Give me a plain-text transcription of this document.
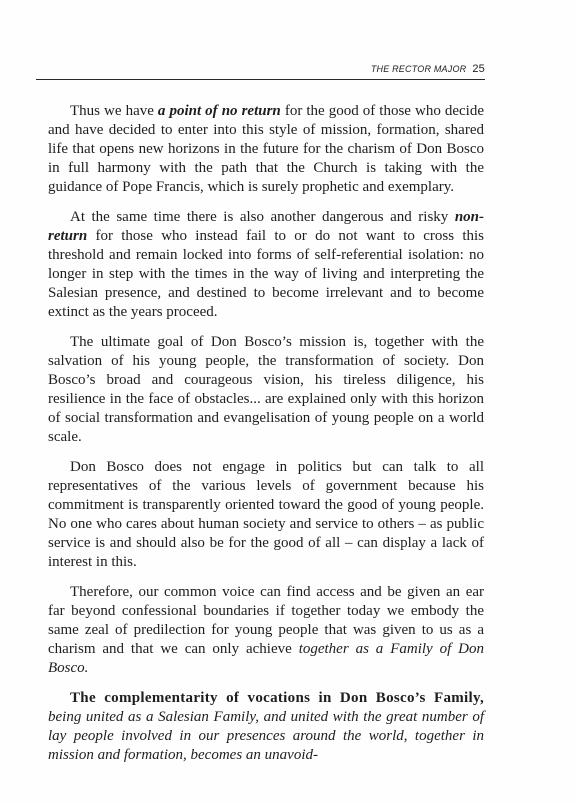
THE RECTOR MAJOR 25

Thus we have a point of no return for the good of those who decide and have decided to enter into this style of mission, formation, shared life that opens new horizons in the future for the charism of Don Bosco in full harmony with the path that the Church is taking with the guidance of Pope Francis, which is surely prophetic and exemplary.

At the same time there is also another dangerous and risky non-return for those who instead fail to or do not want to cross this threshold and remain locked into forms of self-referential isolation: no longer in step with the times in the way of living and interpreting the Salesian presence, and destined to become irrelevant and to become extinct as the years proceed.

The ultimate goal of Don Bosco’s mission is, together with the salvation of his young people, the transformation of society. Don Bosco’s broad and courageous vision, his tireless diligence, his resilience in the face of obstacles... are explained only with this horizon of social transformation and evangelisation of young people on a world scale.

Don Bosco does not engage in politics but can talk to all representatives of the various levels of government because his commitment is transparently oriented toward the good of young people. No one who cares about human society and service to others – as public service is and should also be for the good of all – can display a lack of interest in this.

Therefore, our common voice can find access and be given an ear far beyond confessional boundaries if together today we embody the same zeal of predilection for young people that was given to us as a charism and that we can only achieve together as a Family of Don Bosco.

The complementarity of vocations in Don Bosco’s Family, being united as a Salesian Family, and united with the great number of lay people involved in our presences around the world, together in mission and formation, becomes an unavoid-
